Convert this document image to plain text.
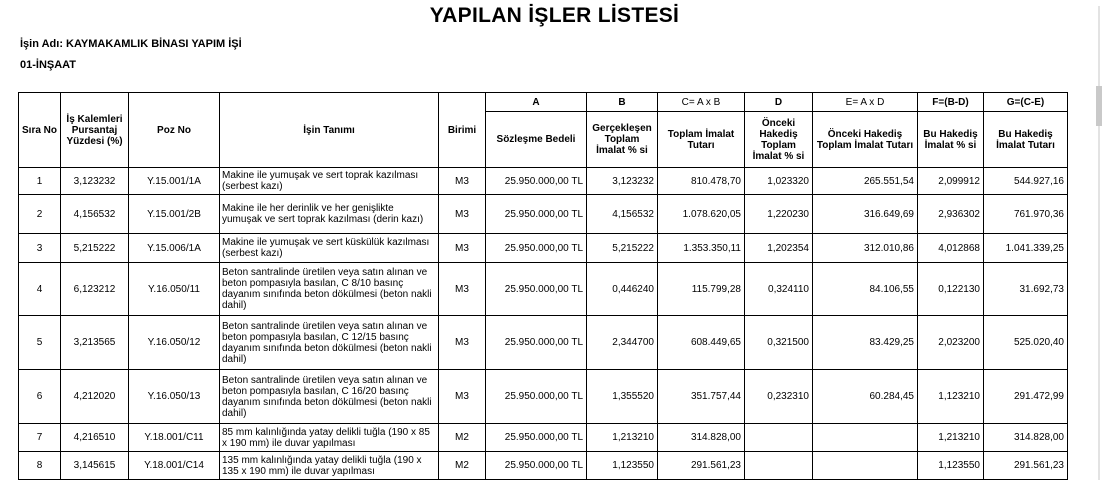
YAPILAN İŞLER LİSTESİ
İşin Adı: KAYMAKAMLIK BİNASI YAPIM İŞİ
01-İNŞAAT
Sıra No	İş Kalemleri Pursantaj Yüzdesi (%)	Poz No	İşin Tanımı	Birimi	A	B	C= A x B	D	E= A x D	F=(B-D)	G=(C-E)
					Sözleşme Bedeli	Gerçekleşen Toplam İmalat % si	Toplam İmalat Tutarı	Önceki Hakediş Toplam İmalat % si	Önceki Hakediş Toplam İmalat Tutarı	Bu Hakediş İmalat % si	Bu Hakediş İmalat Tutarı
1	3,123232	Y.15.001/1A	Makine ile yumuşak ve sert toprak kazılması (serbest kazı)	M3	25.950.000,00 TL	3,123232	810.478,70	1,023320	265.551,54	2,099912	544.927,16
2	4,156532	Y.15.001/2B	Makine ile her derinlik ve her genişlikte yumuşak ve sert toprak kazılması (derin kazı)	M3	25.950.000,00 TL	4,156532	1.078.620,05	1,220230	316.649,69	2,936302	761.970,36
3	5,215222	Y.15.006/1A	Makine ile yumuşak ve sert küskülük kazılması (serbest kazı)	M3	25.950.000,00 TL	5,215222	1.353.350,11	1,202354	312.010,86	4,012868	1.041.339,25
4	6,123212	Y.16.050/11	Beton santralinde üretilen veya satın alınan ve beton pompasıyla basılan, C 8/10 basınç dayanım sınıfında beton dökülmesi (beton nakli dahil)	M3	25.950.000,00 TL	0,446240	115.799,28	0,324110	84.106,55	0,122130	31.692,73
5	3,213565	Y.16.050/12	Beton santralinde üretilen veya satın alınan ve beton pompasıyla basılan, C 12/15 basınç dayanım sınıfında beton dökülmesi (beton nakli dahil)	M3	25.950.000,00 TL	2,344700	608.449,65	0,321500	83.429,25	2,023200	525.020,40
6	4,212020	Y.16.050/13	Beton santralinde üretilen veya satın alınan ve beton pompasıyla basılan, C 16/20 basınç dayanım sınıfında beton dökülmesi (beton nakli dahil)	M3	25.950.000,00 TL	1,355520	351.757,44	0,232310	60.284,45	1,123210	291.472,99
7	4,216510	Y.18.001/C11	85 mm kalınlığında yatay delikli tuğla (190 x 85 x 190 mm) ile duvar yapılması	M2	25.950.000,00 TL	1,213210	314.828,00			1,213210	314.828,00
8	3,145615	Y.18.001/C14	135 mm kalınlığında yatay delikli tuğla (190 x 135 x 190 mm) ile duvar yapılması	M2	25.950.000,00 TL	1,123550	291.561,23			1,123550	291.561,23
